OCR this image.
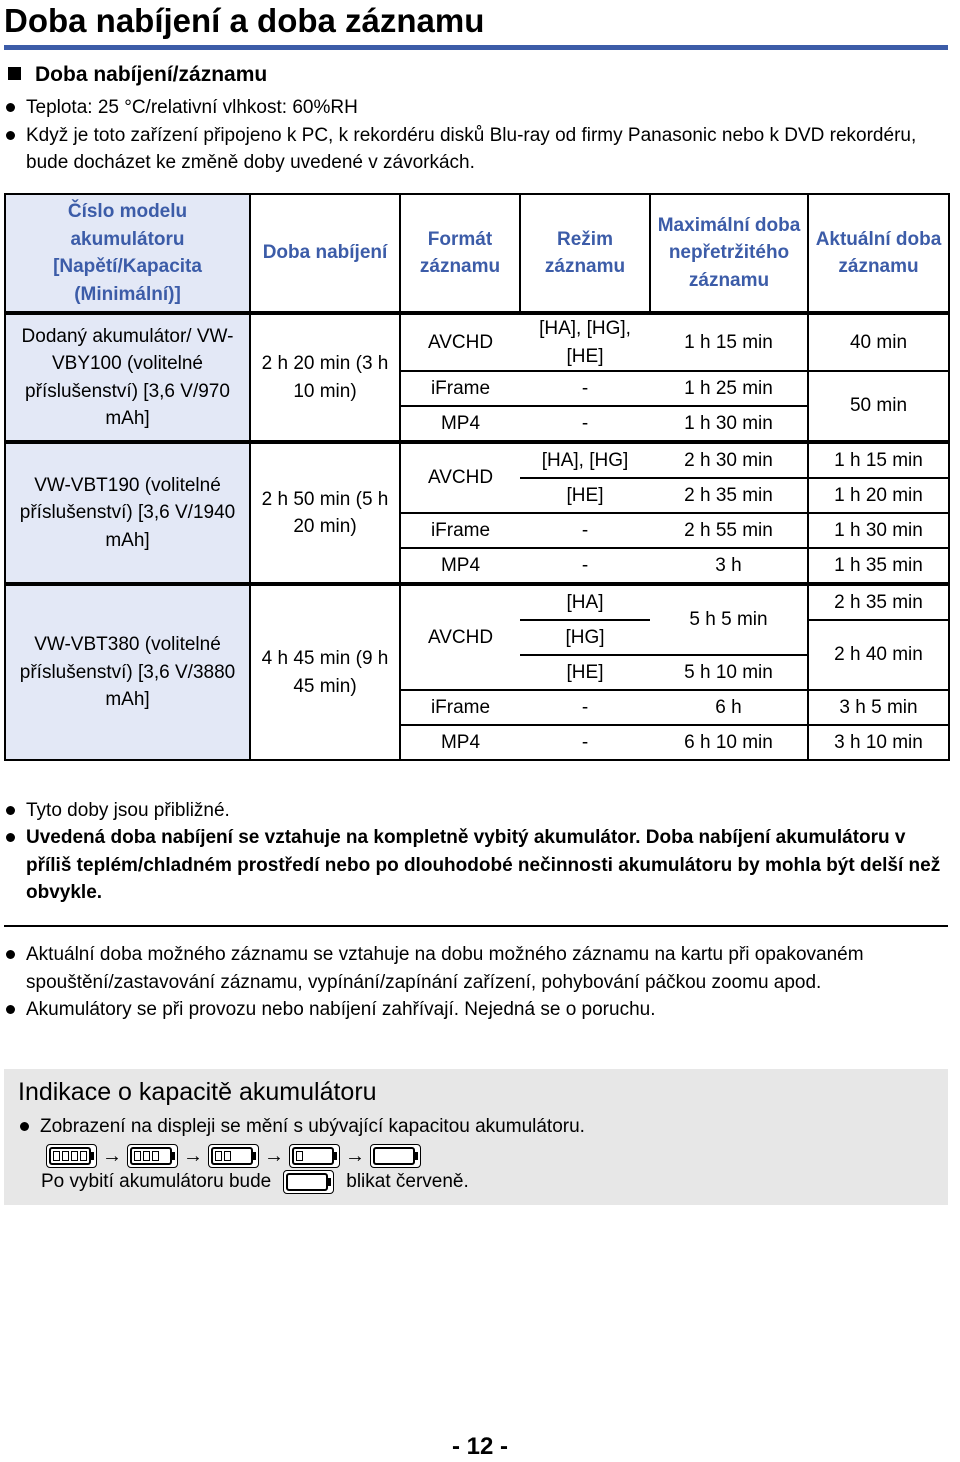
Doba nabíjení a doba záznamu
Doba nabíjení/záznamu
Teplota: 25 °C/relativní vlhkost: 60%RH
Když je toto zařízení připojeno k PC, k rekordéru disků Blu-ray od firmy Panasonic nebo k DVD rekordéru, bude docházet ke změně doby uvedené v závorkách.
Číslo modelu akumulátoru [Napětí/Kapacita (Minimální)]	Doba nabíjení	Formát záznamu	Režim záznamu	Maximální doba nepřetržitého záznamu	Aktuální doba záznamu
Dodaný akumulátor/ VW-VBY100 (volitelné příslušenství) [3,6 V/970 mAh]	2 h 20 min (3 h 10 min)	AVCHD	[HA], [HG], [HE]	1 h 15 min	40 min
		iFrame	-	1 h 25 min	50 min
		MP4	-	1 h 30 min	
VW-VBT190 (volitelné příslušenství) [3,6 V/1940 mAh]	2 h 50 min (5 h 20 min)	AVCHD	[HA], [HG]	2 h 30 min	1 h 15 min
			[HE]	2 h 35 min	1 h 20 min
		iFrame	-	2 h 55 min	1 h 30 min
		MP4	-	3 h	1 h 35 min
VW-VBT380 (volitelné příslušenství) [3,6 V/3880 mAh]	4 h 45 min (9 h 45 min)	AVCHD	[HA]	5 h 5 min	2 h 35 min
			[HG]		2 h 40 min
			[HE]	5 h 10 min	
		iFrame	-	6 h	3 h 5 min
		MP4	-	6 h 10 min	3 h 10 min
Tyto doby jsou přibližné.
Uvedená doba nabíjení se vztahuje na kompletně vybitý akumulátor. Doba nabíjení akumulátoru v příliš teplém/chladném prostředí nebo po dlouhodobé nečinnosti akumulátoru by mohla být delší než obvykle.
Aktuální doba možného záznamu se vztahuje na dobu možného záznamu na kartu při opakovaném spouštění/zastavování záznamu, vypínání/zapínání zařízení, pohybování páčkou zoomu apod.
Akumulátory se při provozu nebo nabíjení zahřívají. Nejedná se o poruchu.
Indikace o kapacitě akumulátoru
Zobrazení na displeji se mění s ubývající kapacitou akumulátoru.
→	→	→	→
Po vybití akumulátoru bude	blikat červeně.
- 12 -
